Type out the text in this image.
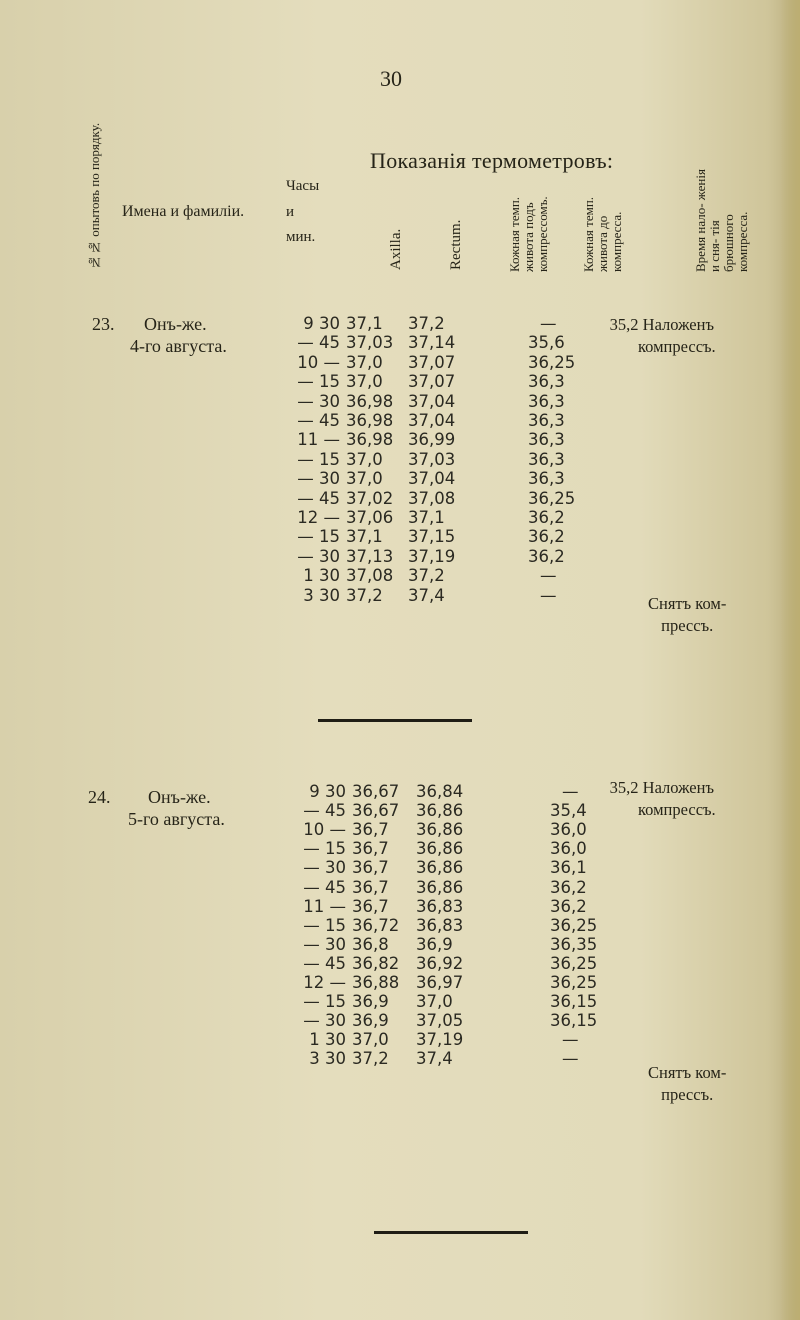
30
Показанія термометровъ:
№№ опытовъ по порядку. Имена и фамиліи.
Часы
и
мин.	Axilla.	Rectum.	Кожная темп. живота подъ компрессомъ. Кожная темп. живота до компресса.	Время нало- женія и сня- тія брюшного компресса.
23. Онъ-же.
4-го августа.
9 30 37,1 37,2	—
— 45 37,03 37,14	35,6
10 — 37,0 37,07	36,25
— 15 37,0 37,07	36,3
— 30 36,98 37,04	36,3
— 45 36,98 37,04	36,3
11 — 36,98 36,99	36,3
— 15 37,0 37,03	36,3
— 30 37,0 37,04	36,3
— 45 37,02 37,08	36,25
12 — 37,06 37,1	36,2
— 15 37,1 37,15	36,2
— 30 37,13 37,19	36,2
1 30 37,08 37,2	—
3 30 37,2 37,4	—
35,2 Наложенъ
компрессъ.
Снятъ ком-
прессъ.
24. Онъ-же.
5-го августа.
9 30 36,67 36,84	—
— 45 36,67 36,86	35,4
10 — 36,7 36,86	36,0
— 15 36,7 36,86	36,0
— 30 36,7 36,86	36,1
— 45 36,7 36,86	36,2
11 — 36,7 36,83	36,2
— 15 36,72 36,83	36,25
— 30 36,8 36,9	36,35
— 45 36,82 36,92	36,25
12 — 36,88 36,97	36,25
— 15 36,9 37,0	36,15
— 30 36,9 37,05	36,15
1 30 37,0 37,19	—
3 30 37,2 37,4	—
35,2 Наложенъ
компрессъ.
Снятъ ком-
прессъ.
